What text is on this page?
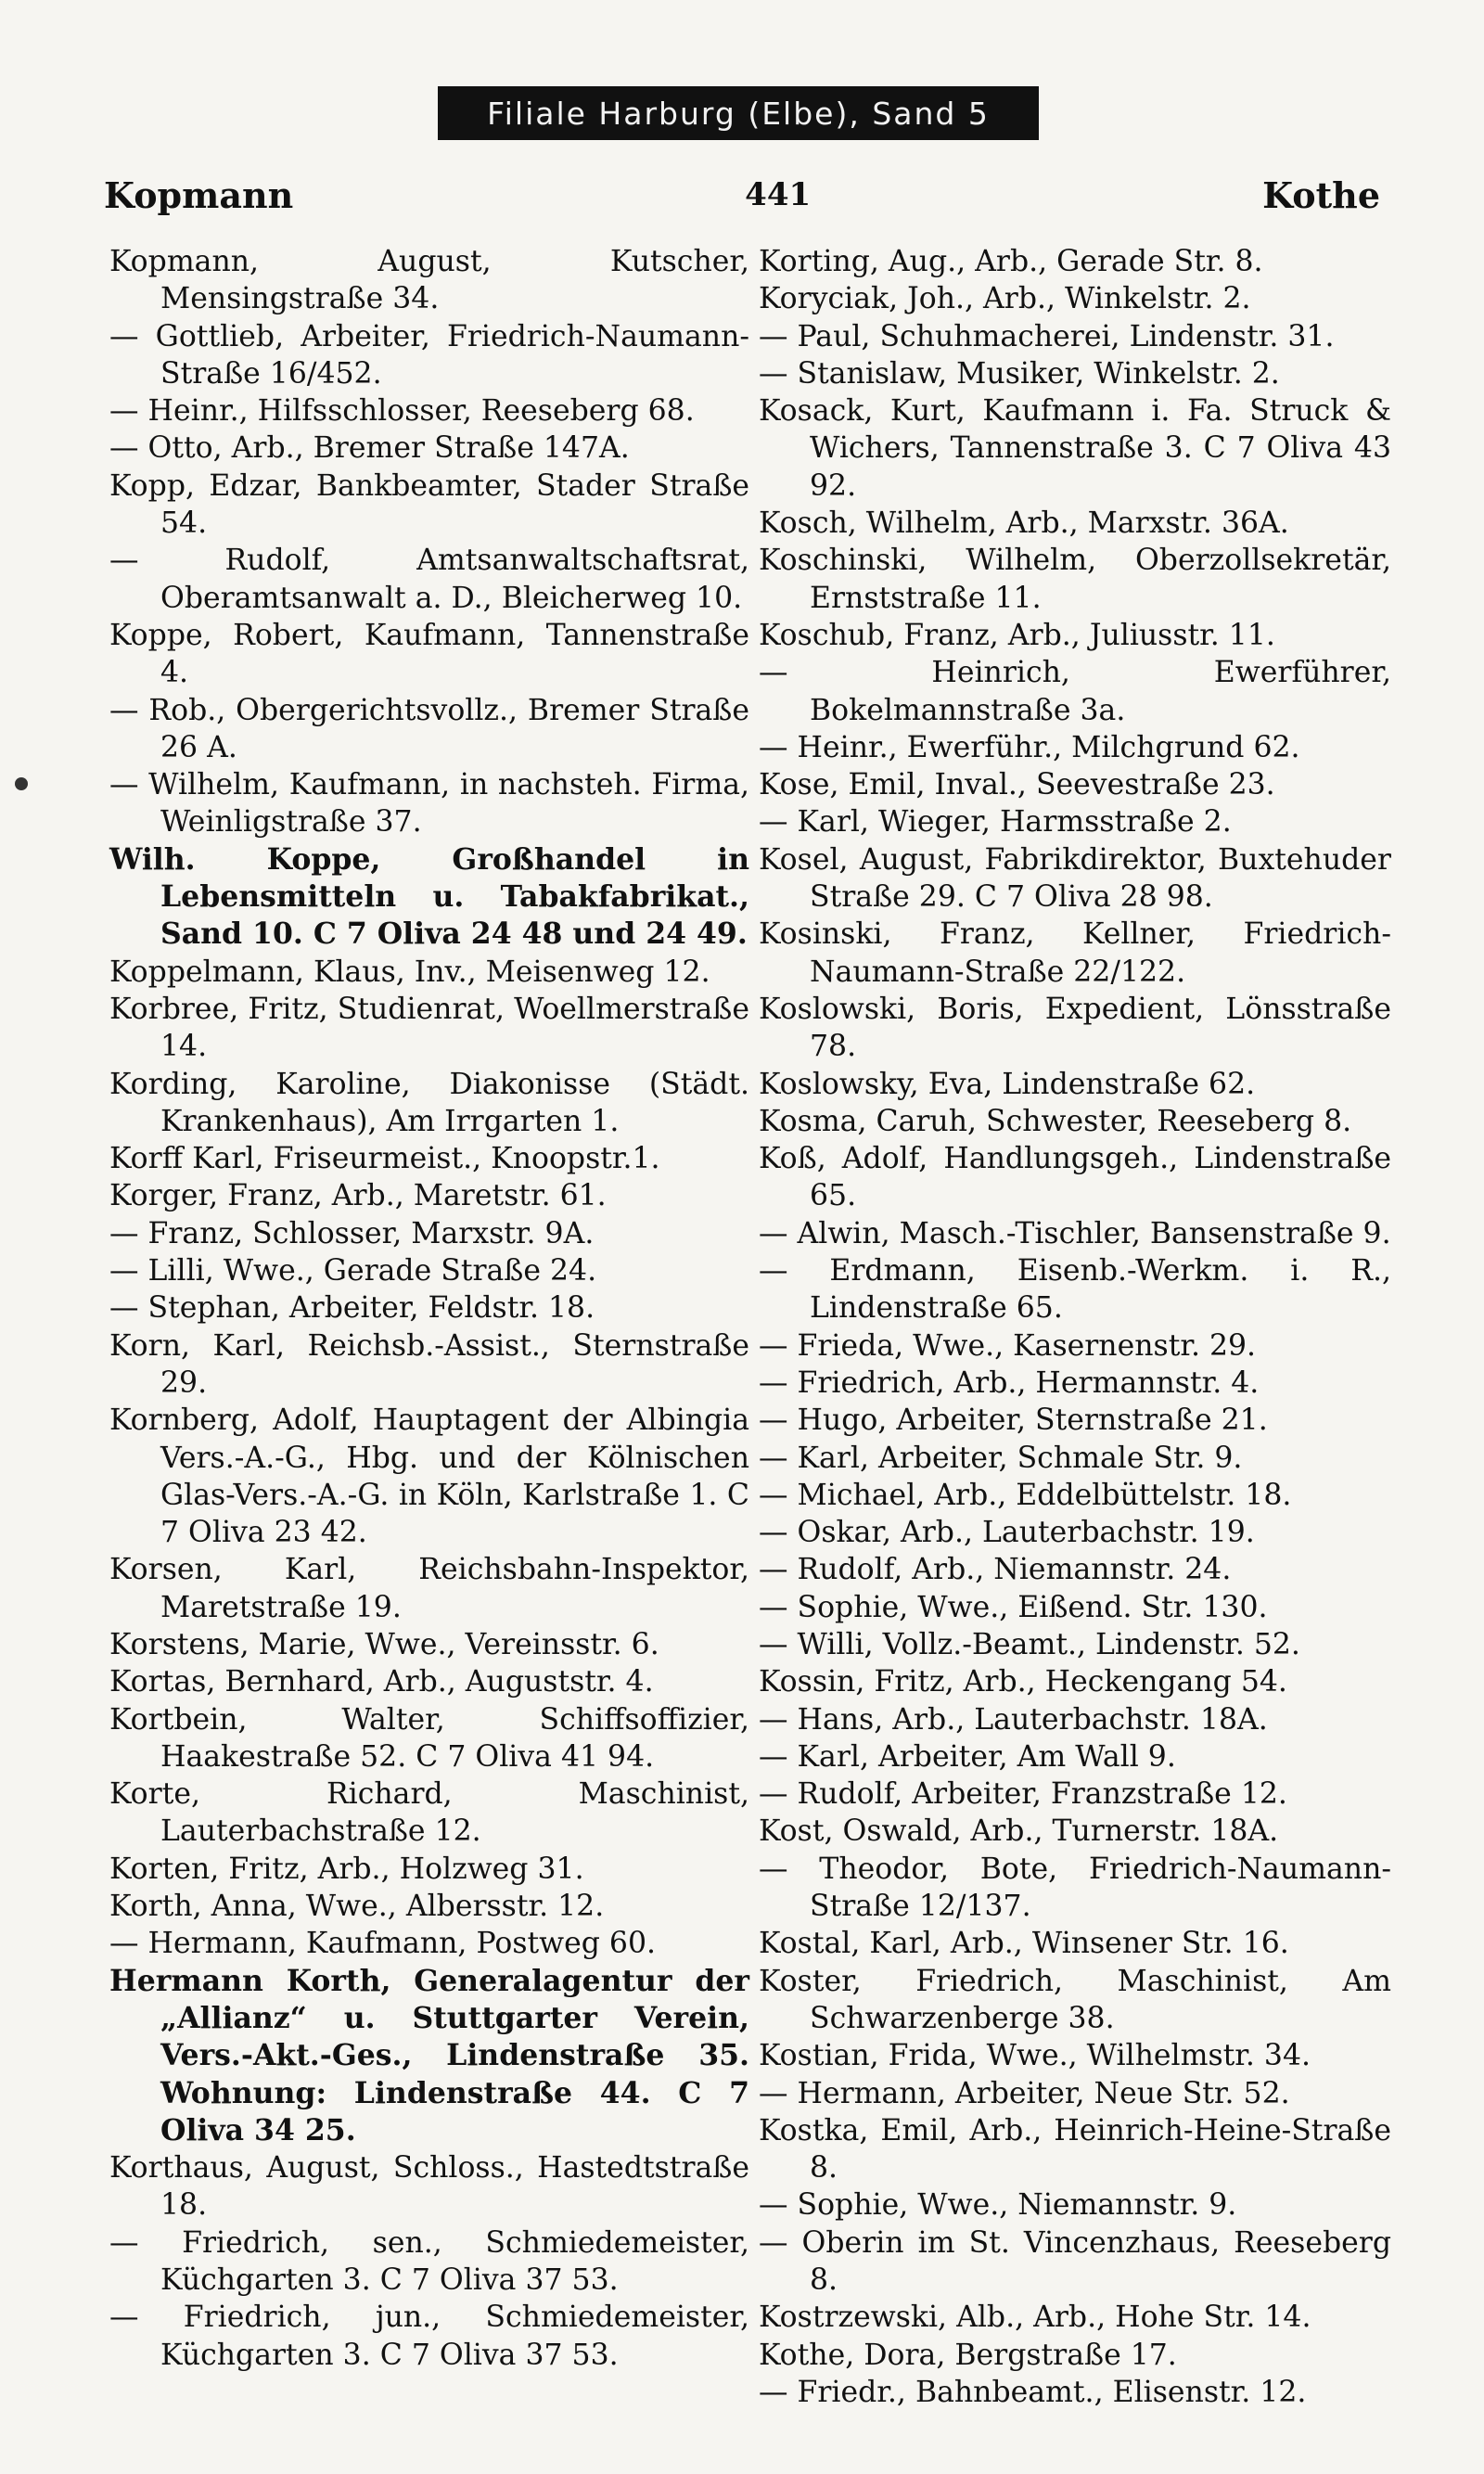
Filiale Harburg (Elbe), Sand 5
Kopmann	441	Kothe

Kopmann, August, Kutscher, Mensingstraße 34.

— Gottlieb, Arbeiter, Friedrich-Naumann-Straße 16/452.

— Heinr., Hilfsschlosser, Reeseberg 68.

— Otto, Arb., Bremer Straße 147A.

Kopp, Edzar, Bankbeamter, Stader Straße 54.

— Rudolf, Amtsanwaltschaftsrat, Oberamtsanwalt a. D., Bleicherweg 10.

Koppe, Robert, Kaufmann, Tannenstraße 4.

— Rob., Obergerichtsvollz., Bremer Straße 26 A.

— Wilhelm, Kaufmann, in nachsteh. Firma, Weinligstraße 37.

Wilh. Koppe, Großhandel in Lebensmitteln u. Tabakfabrikat., Sand 10. C 7 Oliva 24 48 und 24 49.

Koppelmann, Klaus, Inv., Meisenweg 12.

Korbree, Fritz, Studienrat, Woellmerstraße 14.

Kording, Karoline, Diakonisse (Städt. Krankenhaus), Am Irrgarten 1.

Korff Karl, Friseurmeist., Knoopstr.1.

Korger, Franz, Arb., Maretstr. 61.

— Franz, Schlosser, Marxstr. 9A.

— Lilli, Wwe., Gerade Straße 24.

— Stephan, Arbeiter, Feldstr. 18.

Korn, Karl, Reichsb.-Assist., Sternstraße 29.

Kornberg, Adolf, Hauptagent der Albingia Vers.-A.-G., Hbg. und der Kölnischen Glas-Vers.-A.-G. in Köln, Karlstraße 1. C 7 Oliva 23 42.

Korsen, Karl, Reichsbahn-Inspektor, Maretstraße 19.

Korstens, Marie, Wwe., Vereinsstr. 6.

Kortas, Bernhard, Arb., Auguststr. 4.

Kortbein, Walter, Schiffsoffizier, Haakestraße 52. C 7 Oliva 41 94.

Korte, Richard, Maschinist, Lauterbachstraße 12.

Korten, Fritz, Arb., Holzweg 31.

Korth, Anna, Wwe., Albersstr. 12.

— Hermann, Kaufmann, Postweg 60.

Hermann Korth, Generalagentur der „Allianz“ u. Stuttgarter Verein, Vers.-Akt.-Ges., Lindenstraße 35. Wohnung: Lindenstraße 44. C 7 Oliva 34 25.

Korthaus, August, Schloss., Hastedtstraße 18.

— Friedrich, sen., Schmiedemeister, Küchgarten 3. C 7 Oliva 37 53.

— Friedrich, jun., Schmiedemeister, Küchgarten 3. C 7 Oliva 37 53.

Korting, Aug., Arb., Gerade Str. 8.

Koryciak, Joh., Arb., Winkelstr. 2.

— Paul, Schuhmacherei, Lindenstr. 31.

— Stanislaw, Musiker, Winkelstr. 2.

Kosack, Kurt, Kaufmann i. Fa. Struck & Wichers, Tannenstraße 3. C 7 Oliva 43 92.

Kosch, Wilhelm, Arb., Marxstr. 36A.

Koschinski, Wilhelm, Oberzollsekretär, Ernststraße 11.

Koschub, Franz, Arb., Juliusstr. 11.

— Heinrich, Ewerführer, Bokelmannstraße 3a.

— Heinr., Ewerführ., Milchgrund 62.

Kose, Emil, Inval., Seevestraße 23.

— Karl, Wieger, Harmsstraße 2.

Kosel, August, Fabrikdirektor, Buxtehuder Straße 29. C 7 Oliva 28 98.

Kosinski, Franz, Kellner, Friedrich-Naumann-Straße 22/122.

Koslowski, Boris, Expedient, Lönsstraße 78.

Koslowsky, Eva, Lindenstraße 62.

Kosma, Caruh, Schwester, Reeseberg 8.

Koß, Adolf, Handlungsgeh., Lindenstraße 65.

— Alwin, Masch.-Tischler, Bansenstraße 9.

— Erdmann, Eisenb.-Werkm. i. R., Lindenstraße 65.

— Frieda, Wwe., Kasernenstr. 29.

— Friedrich, Arb., Hermannstr. 4.

— Hugo, Arbeiter, Sternstraße 21.

— Karl, Arbeiter, Schmale Str. 9.

— Michael, Arb., Eddelbüttelstr. 18.

— Oskar, Arb., Lauterbachstr. 19.

— Rudolf, Arb., Niemannstr. 24.

— Sophie, Wwe., Eißend. Str. 130.

— Willi, Vollz.-Beamt., Lindenstr. 52.

Kossin, Fritz, Arb., Heckengang 54.

— Hans, Arb., Lauterbachstr. 18A.

— Karl, Arbeiter, Am Wall 9.

— Rudolf, Arbeiter, Franzstraße 12.

Kost, Oswald, Arb., Turnerstr. 18A.

— Theodor, Bote, Friedrich-Naumann-Straße 12/137.

Kostal, Karl, Arb., Winsener Str. 16.

Koster, Friedrich, Maschinist, Am Schwarzenberge 38.

Kostian, Frida, Wwe., Wilhelmstr. 34.

— Hermann, Arbeiter, Neue Str. 52.

Kostka, Emil, Arb., Heinrich-Heine-Straße 8.

— Sophie, Wwe., Niemannstr. 9.

— Oberin im St. Vincenzhaus, Reeseberg 8.

Kostrzewski, Alb., Arb., Hohe Str. 14.

Kothe, Dora, Bergstraße 17.

— Friedr., Bahnbeamt., Elisenstr. 12.
